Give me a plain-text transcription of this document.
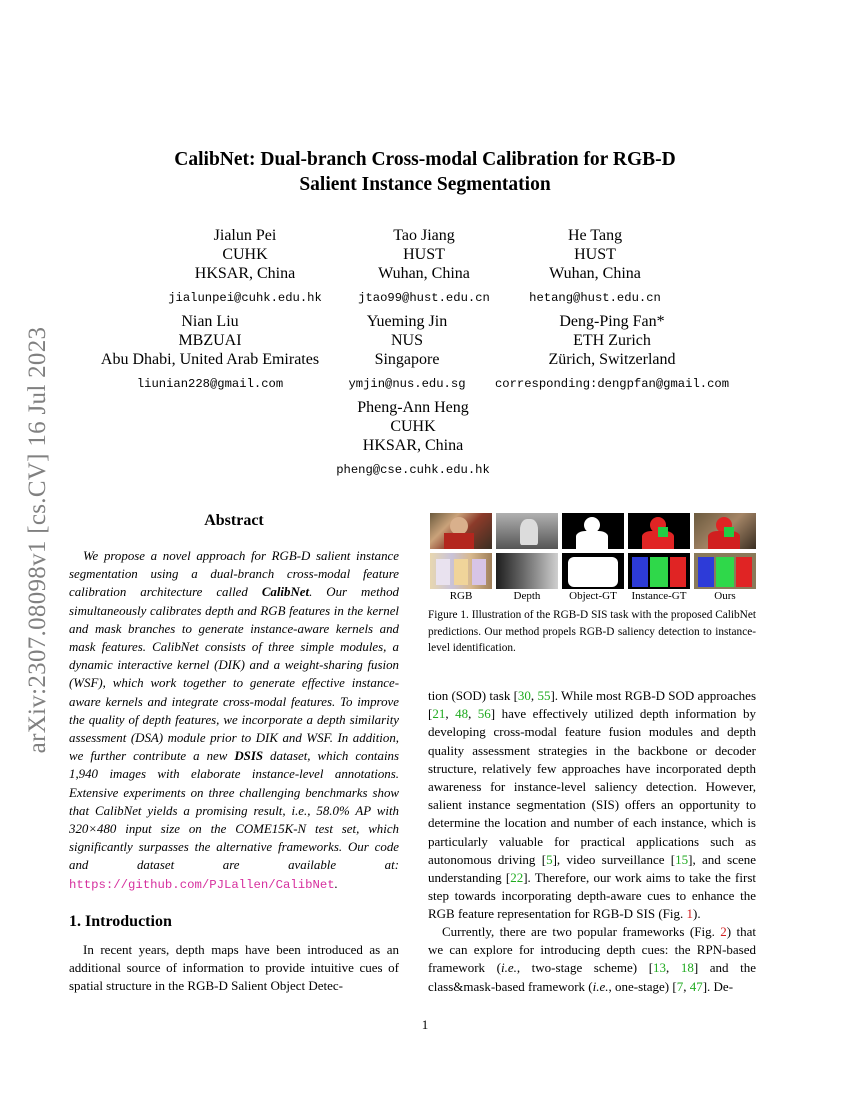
arXiv:2307.08098v1 [cs.CV] 16 Jul 2023
CalibNet: Dual-branch Cross-modal Calibration for RGB-D
Salient Instance Segmentation
Jialun Pei
CUHK
HKSAR, China
jialunpei@cuhk.edu.hk
Tao Jiang
HUST
Wuhan, China
jtao99@hust.edu.cn
He Tang
HUST
Wuhan, China
hetang@hust.edu.cn
Nian Liu
MBZUAI
Abu Dhabi, United Arab Emirates
liunian228@gmail.com
Yueming Jin
NUS
Singapore
ymjin@nus.edu.sg
Deng-Ping Fan*
ETH Zurich
Zürich, Switzerland
corresponding:dengpfan@gmail.com
Pheng-Ann Heng
CUHK
HKSAR, China
pheng@cse.cuhk.edu.hk
Abstract
We propose a novel approach for RGB-D salient instance segmentation using a dual-branch cross-modal feature calibration architecture called CalibNet. Our method simultaneously calibrates depth and RGB features in the kernel and mask branches to generate instance-aware kernels and mask features. CalibNet consists of three simple modules, a dynamic interactive kernel (DIK) and a weight-sharing fusion (WSF), which work together to generate effective instance-aware kernels and integrate cross-modal features. To improve the quality of depth features, we incorporate a depth similarity assessment (DSA) module prior to DIK and WSF. In addition, we further contribute a new DSIS dataset, which contains 1,940 images with elaborate instance-level annotations. Extensive experiments on three challenging benchmarks show that CalibNet yields a promising result, i.e., 58.0% AP with 320×480 input size on the COME15K-N test set, which significantly surpasses the alternative frameworks. Our code and dataset are available at: https://github.com/PJLallen/CalibNet.
1. Introduction
In recent years, depth maps have been introduced as an additional source of information to provide intuitive cues of spatial structure in the RGB-D Salient Object Detec-
RGB	Depth	Object-GT	Instance-GT	Ours
Figure 1. Illustration of the RGB-D SIS task with the proposed CalibNet predictions. Our method propels RGB-D saliency detection to instance-level identification.
tion (SOD) task [30, 55]. While most RGB-D SOD approaches [21, 48, 56] have effectively utilized depth information by developing cross-modal feature fusion modules and depth quality assessment strategies in the backbone or decoder structure, relatively few approaches have incorporated depth awareness for instance-level saliency detection. However, salient instance segmentation (SIS) offers an opportunity to determine the location and number of each instance, which is particularly valuable for practical applications such as autonomous driving [5], video surveillance [15], and scene understanding [22]. Therefore, our work aims to take the first step towards incorporating depth-aware cues to enhance the RGB feature representation for RGB-D SIS (Fig. 1).
Currently, there are two popular frameworks (Fig. 2) that we can explore for introducing depth cues: the RPN-based framework (i.e., two-stage scheme) [13, 18] and the class&mask-based framework (i.e., one-stage) [7, 47]. De-
1
